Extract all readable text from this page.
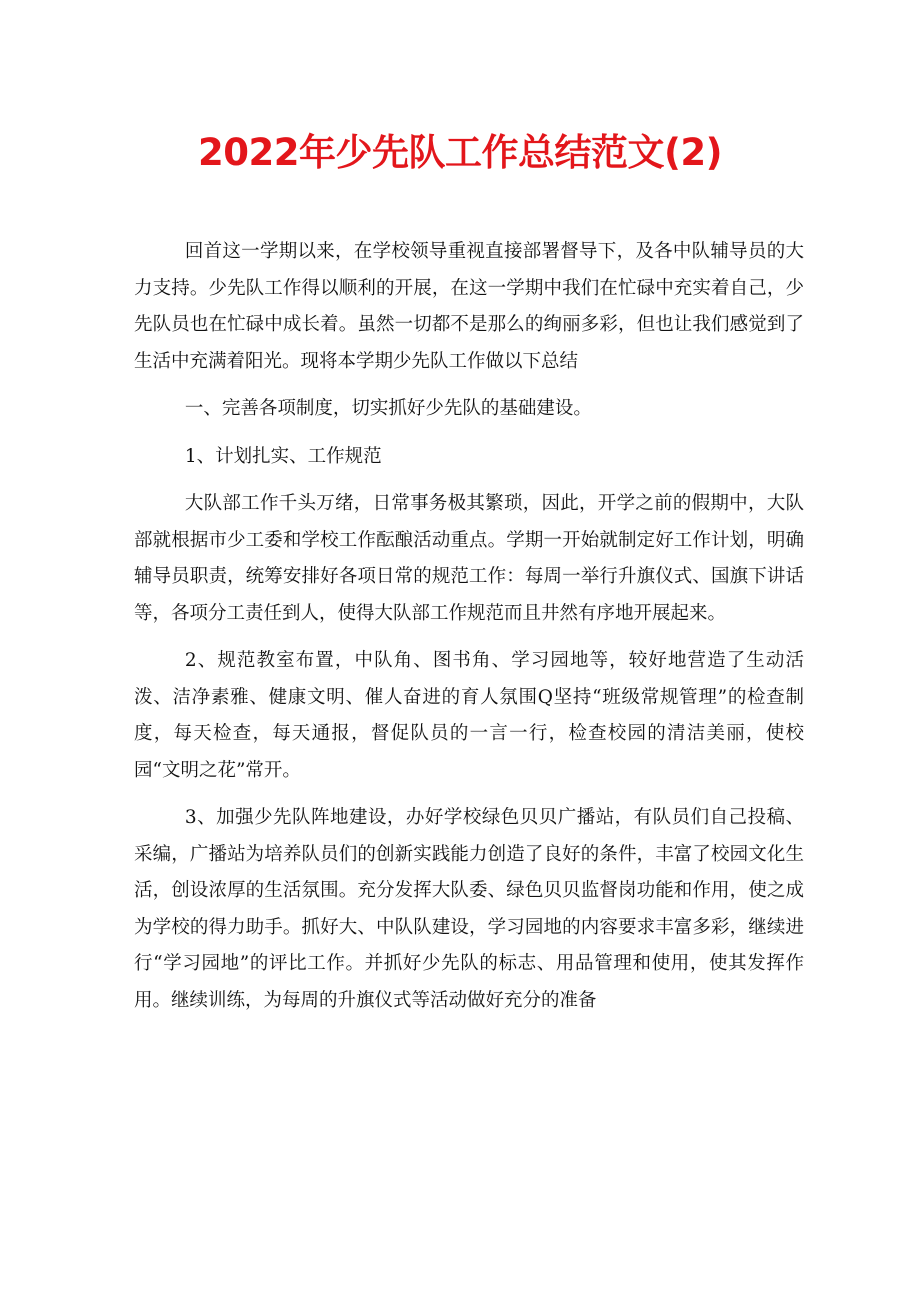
2022年少先队工作总结范文(2)

回首这一学期以来，在学校领导重视直接部署督导下，及各中队辅导员的大力支持。少先队工作得以顺利的开展，在这一学期中我们在忙碌中充实着自己，少先队员也在忙碌中成长着。虽然一切都不是那么的绚丽多彩，但也让我们感觉到了生活中充满着阳光。现将本学期少先队工作做以下总结

一、完善各项制度，切实抓好少先队的基础建设。

1、计划扎实、工作规范

大队部工作千头万绪，日常事务极其繁琐，因此，开学之前的假期中，大队部就根据市少工委和学校工作酝酿活动重点。学期一开始就制定好工作计划，明确辅导员职责，统筹安排好各项日常的规范工作：每周一举行升旗仪式、国旗下讲话等，各项分工责任到人，使得大队部工作规范而且井然有序地开展起来。

2、规范教室布置，中队角、图书角、学习园地等，较好地营造了生动活泼、洁净素雅、健康文明、催人奋进的育人氛围Q坚持“班级常规管理”的检查制度，每天检查，每天通报，督促队员的一言一行，检查校园的清洁美丽，使校园“文明之花”常开。

3、加强少先队阵地建设，办好学校绿色贝贝广播站，有队员们自己投稿、采编，广播站为培养队员们的创新实践能力创造了良好的条件，丰富了校园文化生活，创设浓厚的生活氛围。充分发挥大队委、绿色贝贝监督岗功能和作用，使之成为学校的得力助手。抓好大、中队队建设，学习园地的内容要求丰富多彩，继续进行“学习园地”的评比工作。并抓好少先队的标志、用品管理和使用，使其发挥作用。继续训练，为每周的升旗仪式等活动做好充分的准备
